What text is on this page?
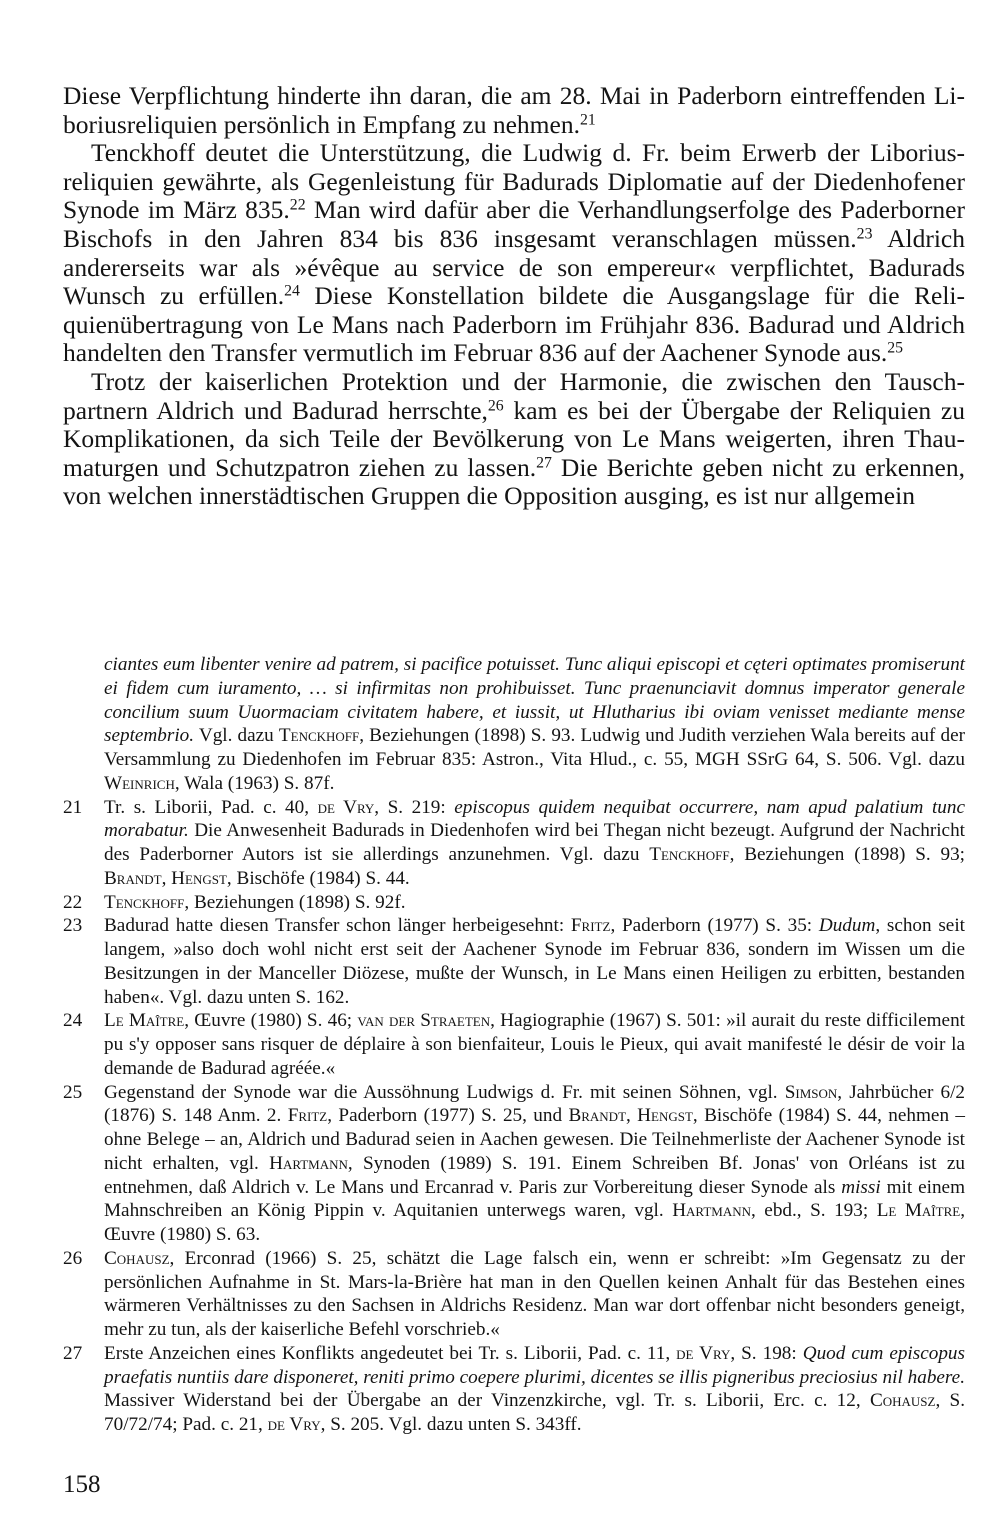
Diese Verpflichtung hinderte ihn daran, die am 28. Mai in Paderborn eintreffenden Liboriusreliquien persönlich in Empfang zu nehmen.$^{21}$

Tenckhoff deutet die Unterstützung, die Ludwig d. Fr. beim Erwerb der Liboriusreliquien gewährte, als Gegenleistung für Badurads Diplomatie auf der Diedenhofener Synode im März 835.22 Man wird dafür aber die Verhandlungserfolge des Paderborner Bischofs in den Jahren 834 bis 836 insgesamt veranschlagen müssen.$^{23}$ Aldrich andererseits war als »évêque au service de son empereur« verpflichtet, Badurads Wunsch zu erfüllen.$^{24}$ Diese Konstellation bildete die Ausgangslage für die Reliquienübertragung von Le Mans nach Paderborn im Frühjahr 836. Badurad und Aldrich handelten den Transfer vermutlich im Februar 836 auf der Aachener Synode aus.$^{25}$

Trotz der kaiserlichen Protektion und der Harmonie, die zwischen den Tauschpartnern Aldrich und Badurad herrschte,$^{26}$ kam es bei der Übergabe der Reliquien zu Komplikationen, da sich Teile der Bevölkerung von Le Mans weigerten, ihren Thaumaturgen und Schutzpatron ziehen zu lassen.$^{27}$ Die Berichte geben nicht zu erkennen, von welchen innerstädtischen Gruppen die Opposition ausging, es ist nur allgemein

ciantes eum libenter venire ad patrem, si pacifice potuisset. Tunc aliqui episcopi et cęteri optimates promiserunt ei fidem cum iuramento, … si infirmitas non prohibuisset. Tunc praenunciavit domnus imperator generale concilium suum Uuormaciam civitatem habere, et iussit, ut Hlutharius ibi oviam venisset mediante mense septembrio. Vgl. dazu Tenckhoff, Beziehungen (1898) S. 93. Ludwig und Judith verziehen Wala bereits auf der Versammlung zu Diedenhofen im Februar 835: Astron., Vita Hlud., c. 55, MGH SSrG 64, S. 506. Vgl. dazu Weinrich, Wala (1963) S. 87f.

21	Tr. s. Liborii, Pad. c. 40, de Vry, S. 219: episcopus quidem nequibat occurrere, nam apud palatium tunc morabatur. Die Anwesenheit Badurads in Diedenhofen wird bei Thegan nicht bezeugt. Aufgrund der Nachricht des Paderborner Autors ist sie allerdings anzunehmen. Vgl. dazu Tenckhoff, Beziehungen (1898) S. 93; Brandt, Hengst, Bischöfe (1984) S. 44.

22	Tenckhoff, Beziehungen (1898) S. 92f.

23	Badurad hatte diesen Transfer schon länger herbeigesehnt: Fritz, Paderborn (1977) S. 35: Dudum, schon seit langem, »also doch wohl nicht erst seit der Aachener Synode im Februar 836, sondern im Wissen um die Besitzungen in der Manceller Diözese, mußte der Wunsch, in Le Mans einen Heiligen zu erbitten, bestanden haben«. Vgl. dazu unten S. 162.

24	Le Maître, Œuvre (1980) S. 46; van der Straeten, Hagiographie (1967) S. 501: »il aurait du reste difficilement pu s'y opposer sans risquer de déplaire à son bienfaiteur, Louis le Pieux, qui avait manifesté le désir de voir la demande de Badurad agréée.«

25	Gegenstand der Synode war die Aussöhnung Ludwigs d. Fr. mit seinen Söhnen, vgl. Simson, Jahrbücher 6/2 (1876) S. 148 Anm. 2. Fritz, Paderborn (1977) S. 25, und Brandt, Hengst, Bischöfe (1984) S. 44, nehmen – ohne Belege – an, Aldrich und Badurad seien in Aachen gewesen. Die Teilnehmerliste der Aachener Synode ist nicht erhalten, vgl. Hartmann, Synoden (1989) S. 191. Einem Schreiben Bf. Jonas' von Orléans ist zu entnehmen, daß Aldrich v. Le Mans und Ercanrad v. Paris zur Vorbereitung dieser Synode als missi mit einem Mahnschreiben an König Pippin v. Aquitanien unterwegs waren, vgl. Hartmann, ebd., S. 193; Le Maître, Œuvre (1980) S. 63.

26	Cohausz, Erconrad (1966) S. 25, schätzt die Lage falsch ein, wenn er schreibt: »Im Gegensatz zu der persönlichen Aufnahme in St. Mars-la-Brière hat man in den Quellen keinen Anhalt für das Bestehen eines wärmeren Verhältnisses zu den Sachsen in Aldrichs Residenz. Man war dort offenbar nicht besonders geneigt, mehr zu tun, als der kaiserliche Befehl vorschrieb.«

27	Erste Anzeichen eines Konflikts angedeutet bei Tr. s. Liborii, Pad. c. 11, de Vry, S. 198: Quod cum episcopus praefatis nuntiis dare disponeret, reniti primo coepere plurimi, dicentes se illis pigneribus preciosius nil habere. Massiver Widerstand bei der Übergabe an der Vinzenzkirche, vgl. Tr. s. Liborii, Erc. c. 12, Cohausz, S. 70/72/74; Pad. c. 21, de Vry, S. 205. Vgl. dazu unten S. 343ff.

158
